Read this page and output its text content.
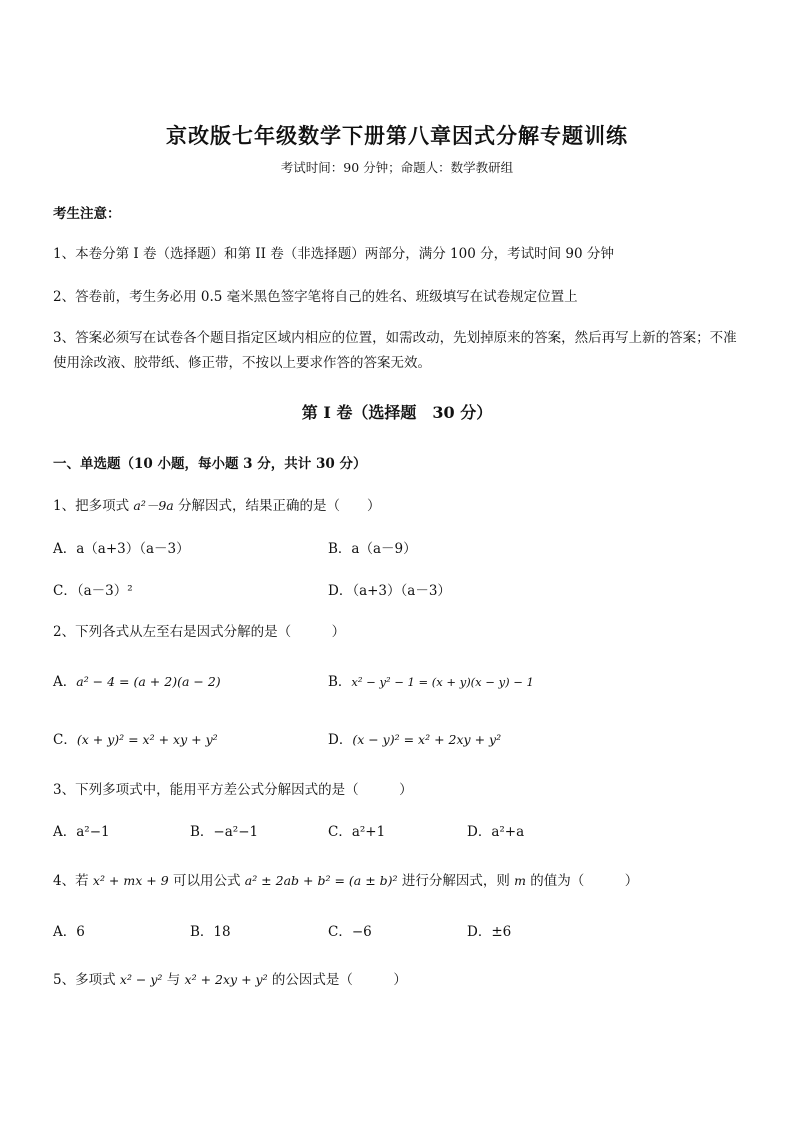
京改版七年级数学下册第八章因式分解专题训练
考试时间：90 分钟；命题人：数学教研组
考生注意：
1、本卷分第 I 卷（选择题）和第 II 卷（非选择题）两部分，满分 100 分，考试时间 90 分钟
2、答卷前，考生务必用 0.5 毫米黑色签字笔将自己的姓名、班级填写在试卷规定位置上
3、答案必须写在试卷各个题目指定区域内相应的位置，如需改动，先划掉原来的答案，然后再写上新的答案；不准使用涂改液、胶带纸、修正带，不按以上要求作答的答案无效。
第 I 卷（选择题　30 分）
一、单选题（10 小题，每小题 3 分，共计 30 分）
1、把多项式 a²－9a 分解因式，结果正确的是（　　）
A．a（a+3）（a－3）	B．a（a－9）
C．（a－3）²	D．（a+3）（a－3）
2、下列各式从左至右是因式分解的是（　　　）
A．a² − 4 = (a + 2)(a − 2)	B．x² − y² − 1 = (x + y)(x − y) − 1
C．(x + y)² = x² + xy + y²	D．(x − y)² = x² + 2xy + y²
3、下列多项式中，能用平方差公式分解因式的是（　　　）
A．a²−1	B．−a²−1	C．a²+1	D．a²+a
4、若 x² + mx + 9 可以用公式 a² ± 2ab + b² = (a ± b)² 进行分解因式，则 m 的值为（　　　）
A．6	B．18	C．−6	D．±6
5、多项式 x² − y² 与 x² + 2xy + y² 的公因式是（　　　）
